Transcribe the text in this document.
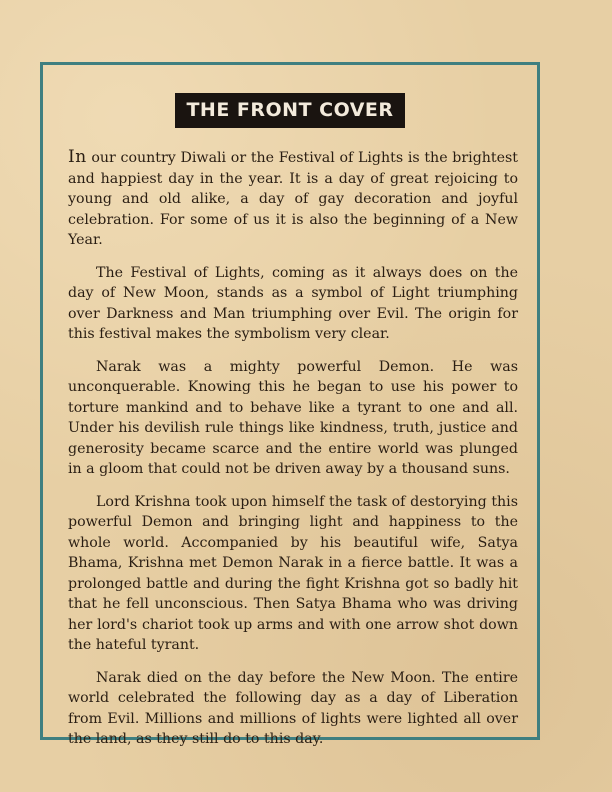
THE FRONT COVER

In our country Diwali or the Festival of Lights is the brightest and happiest day in the year. It is a day of great rejoicing to young and old alike, a day of gay decoration and joyful celebration. For some of us it is also the beginning of a New Year.

The Festival of Lights, coming as it always does on the day of New Moon, stands as a symbol of Light triumphing over Darkness and Man triumphing over Evil. The origin for this festival makes the symbolism very clear.

Narak was a mighty powerful Demon. He was unconquerable. Knowing this he began to use his power to torture mankind and to behave like a tyrant to one and all. Under his devilish rule things like kindness, truth, justice and generosity became scarce and the entire world was plunged in a gloom that could not be driven away by a thousand suns.

Lord Krishna took upon himself the task of destorying this powerful Demon and bringing light and happiness to the whole world. Accompanied by his beautiful wife, Satya Bhama, Krishna met Demon Narak in a fierce battle. It was a prolonged battle and during the fight Krishna got so badly hit that he fell unconscious. Then Satya Bhama who was driving her lord's chariot took up arms and with one arrow shot down the hateful tyrant.

Narak died on the day before the New Moon. The entire world celebrated the following day as a day of Liberation from Evil. Millions and millions of lights were lighted all over the land, as they still do to this day.
